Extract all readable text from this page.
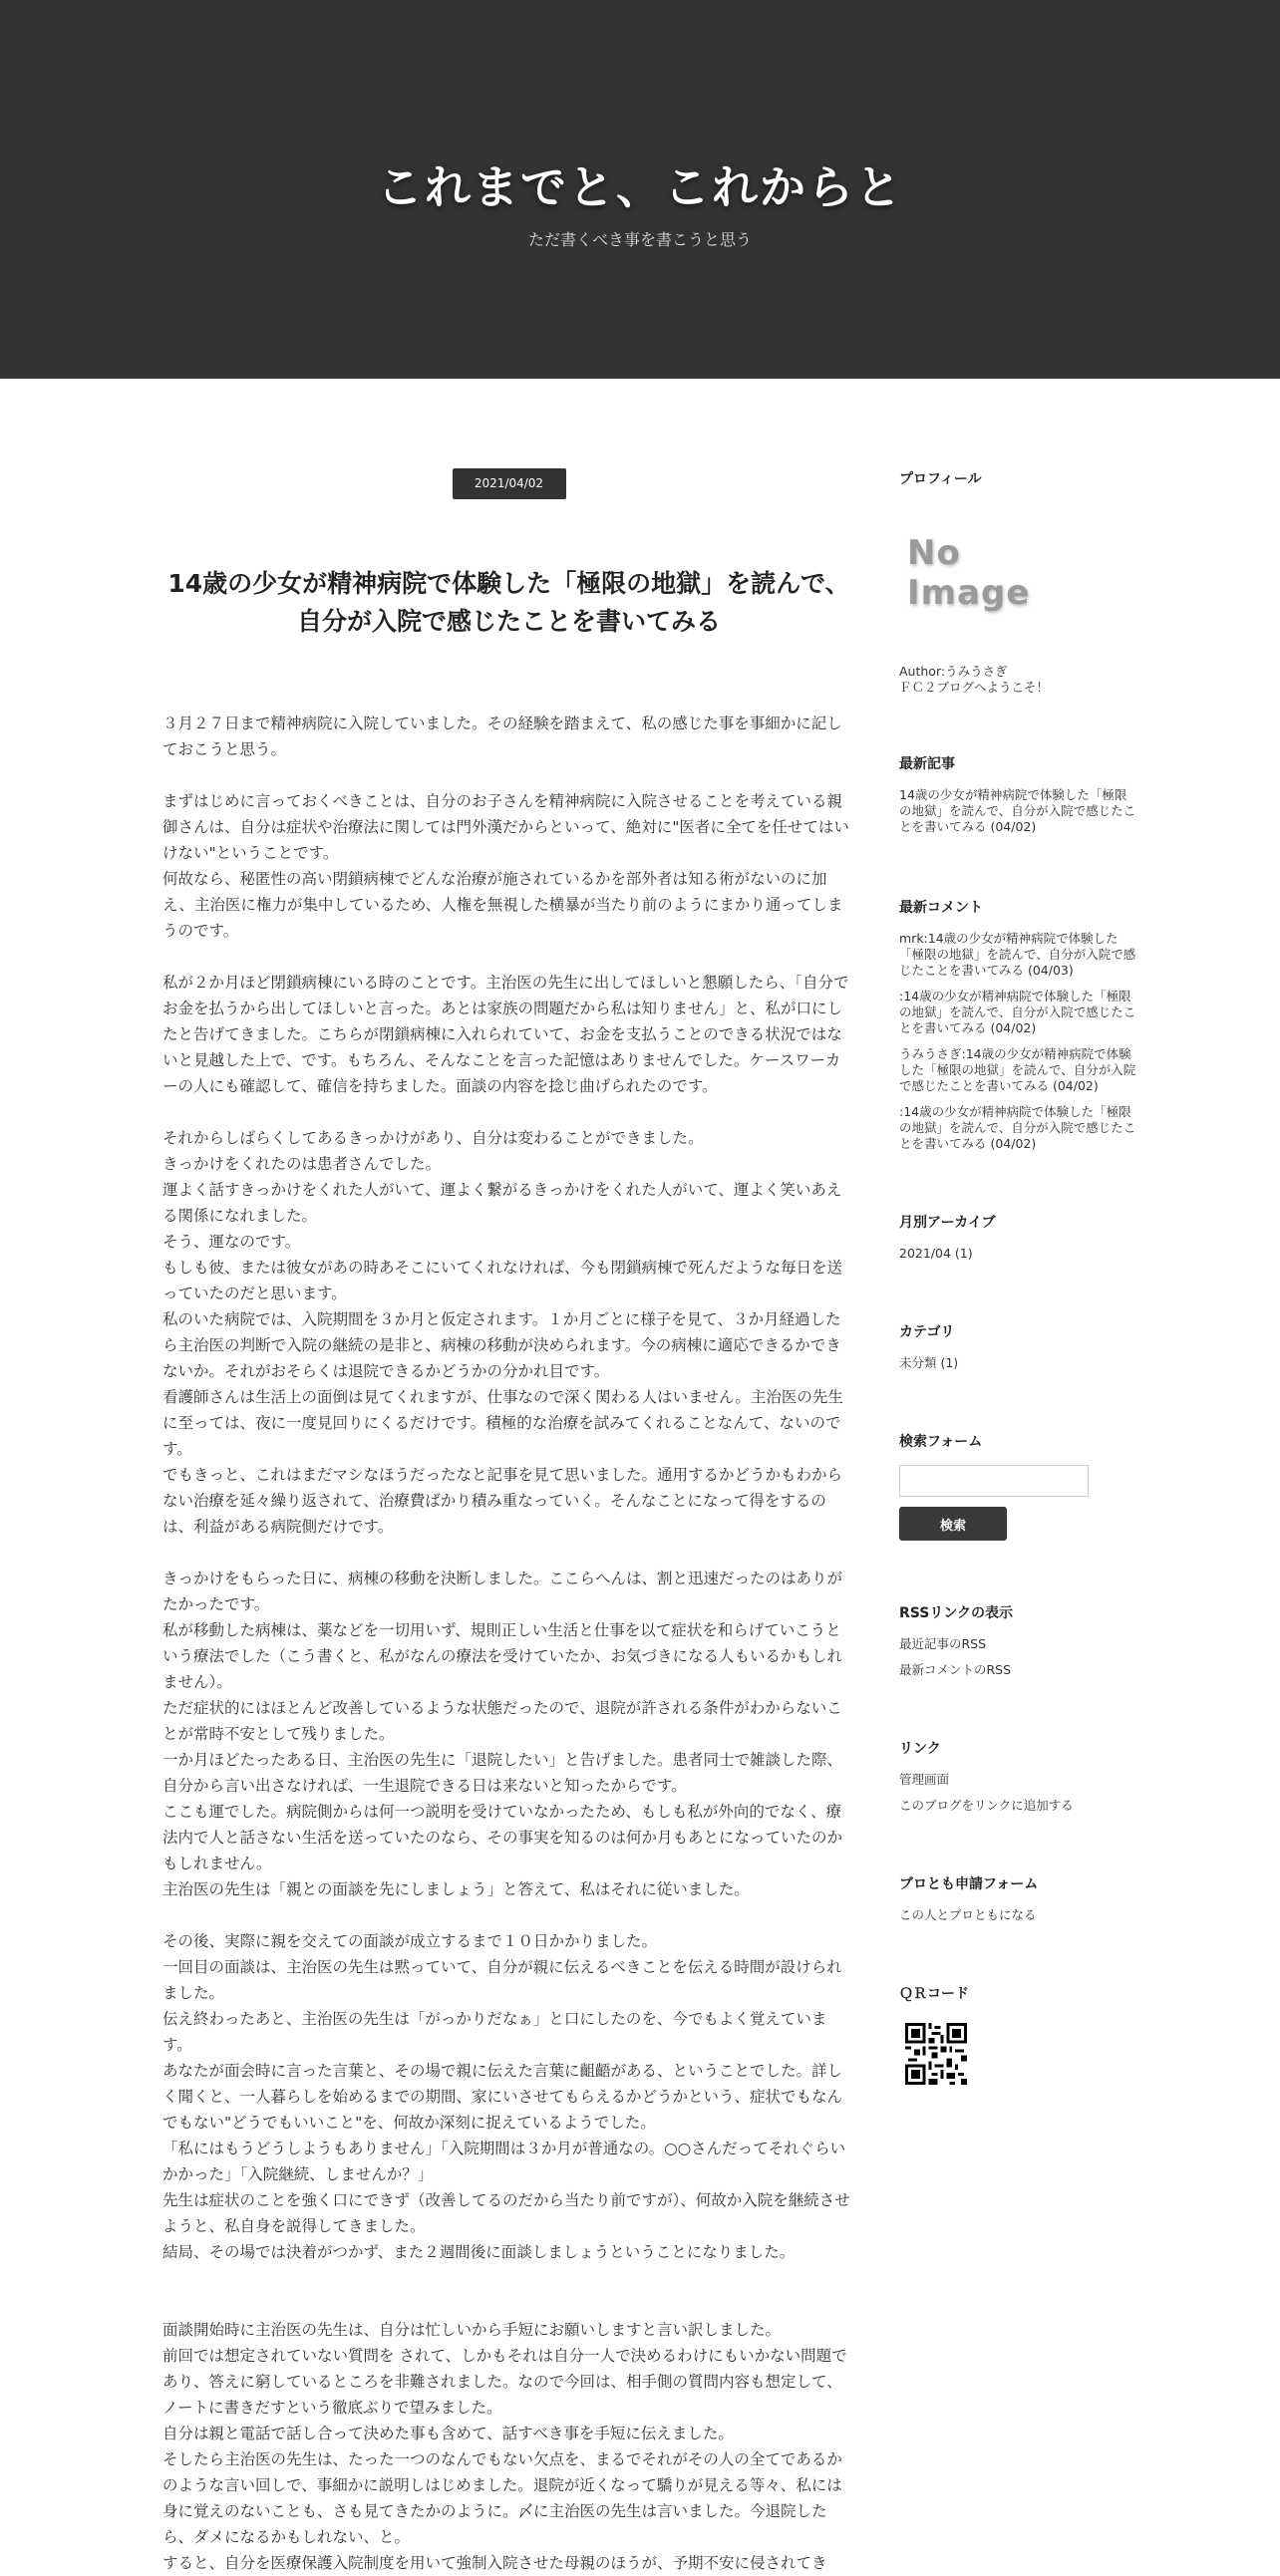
これまでと、これからと
ただ書くべき事を書こうと思う
2021/04/02
14歳の少女が精神病院で体験した「極限の地獄」を読んで、
自分が入院で感じたことを書いてみる

３月２７日まで精神病院に入院していました。その経験を踏まえて、私の感じた事を事細かに記しておこうと思う。

まずはじめに言っておくべきことは、自分のお子さんを精神病院に入院させることを考えている親御さんは、自分は症状や治療法に関しては門外漢だからといって、絶対に"医者に全てを任せてはいけない"ということです。

何故なら、秘匿性の高い閉鎖病棟でどんな治療が施されているかを部外者は知る術がないのに加え、主治医に権力が集中しているため、人権を無視した横暴が当たり前のようにまかり通ってしまうのです。

私が２か月ほど閉鎖病棟にいる時のことです。主治医の先生に出してほしいと懇願したら、「自分でお金を払うから出してほしいと言った。あとは家族の問題だから私は知りません」と、私が口にしたと告げてきました。こちらが閉鎖病棟に入れられていて、お金を支払うことのできる状況ではないと見越した上で、です。もちろん、そんなことを言った記憶はありませんでした。ケースワーカーの人にも確認して、確信を持ちました。面談の内容を捻じ曲げられたのです。

それからしばらくしてあるきっかけがあり、自分は変わることができました。

きっかけをくれたのは患者さんでした。

運よく話すきっかけをくれた人がいて、運よく繋がるきっかけをくれた人がいて、運よく笑いあえる関係になれました。

そう、運なのです。

もしも彼、または彼女があの時あそこにいてくれなければ、今も閉鎖病棟で死んだような毎日を送っていたのだと思います。

私のいた病院では、入院期間を３か月と仮定されます。１か月ごとに様子を見て、３か月経過したら主治医の判断で入院の継続の是非と、病棟の移動が決められます。今の病棟に適応できるかできないか。それがおそらくは退院できるかどうかの分かれ目です。

看護師さんは生活上の面倒は見てくれますが、仕事なので深く関わる人はいません。主治医の先生に至っては、夜に一度見回りにくるだけです。積極的な治療を試みてくれることなんて、ないのです。

でもきっと、これはまだマシなほうだったなと記事を見て思いました。通用するかどうかもわからない治療を延々繰り返されて、治療費ばかり積み重なっていく。そんなことになって得をするのは、利益がある病院側だけです。

きっかけをもらった日に、病棟の移動を決断しました。ここらへんは、割と迅速だったのはありがたかったです。

私が移動した病棟は、薬などを一切用いず、規則正しい生活と仕事を以て症状を和らげていこうという療法でした（こう書くと、私がなんの療法を受けていたか、お気づきになる人もいるかもしれません）。

ただ症状的にはほとんど改善しているような状態だったので、退院が許される条件がわからないことが常時不安として残りました。

一か月ほどたったある日、主治医の先生に「退院したい」と告げました。患者同士で雑談した際、自分から言い出さなければ、一生退院できる日は来ないと知ったからです。

ここも運でした。病院側からは何一つ説明を受けていなかったため、もしも私が外向的でなく、療法内で人と話さない生活を送っていたのなら、その事実を知るのは何か月もあとになっていたのかもしれません。

主治医の先生は「親との面談を先にしましょう」と答えて、私はそれに従いました。

その後、実際に親を交えての面談が成立するまで１０日かかりました。

一回目の面談は、主治医の先生は黙っていて、自分が親に伝えるべきことを伝える時間が設けられました。

伝え終わったあと、主治医の先生は「がっかりだなぁ」と口にしたのを、今でもよく覚えています。

あなたが面会時に言った言葉と、その場で親に伝えた言葉に齟齬がある、ということでした。詳しく聞くと、一人暮らしを始めるまでの期間、家にいさせてもらえるかどうかという、症状でもなんでもない"どうでもいいこと"を、何故か深刻に捉えているようでした。

「私にはもうどうしようもありません」「入院期間は３か月が普通なの。○○さんだってそれぐらいかかった」「入院継続、しませんか？」

先生は症状のことを強く口にできず（改善してるのだから当たり前ですが）、何故か入院を継続させようと、私自身を説得してきました。

結局、その場では決着がつかず、また２週間後に面談しましょうということになりました。

面談開始時に主治医の先生は、自分は忙しいから手短にお願いしますと言い訳しました。

前回では想定されていない質問を されて、しかもそれは自分一人で決めるわけにもいかない問題であり、答えに窮しているところを非難されました。なので今回は、相手側の質問内容も想定して、ノートに書きだすという徹底ぶりで望みました。

自分は親と電話で話し合って決めた事も含めて、話すべき事を手短に伝えました。

そしたら主治医の先生は、たった一つのなんでもない欠点を、まるでそれがその人の全てであるかのような言い回しで、事細かに説明しはじめました。退院が近くなって驕りが見える等々、私には身に覚えのないことも、さも見てきたかのように。〆に主治医の先生は言いました。今退院したら、ダメになるかもしれない、と。

すると、自分を医療保護入院制度を用いて強制入院させた母親のほうが、予期不安に侵されてき

プロフィール
No Image
Author:うみうさぎ
ＦＣ２ブログへようこそ！
最新記事
14歳の少女が精神病院で体験した「極限の地獄」を読んで、自分が入院で感じたことを書いてみる (04/02)
最新コメント
mrk:14歳の少女が精神病院で体験した「極限の地獄」を読んで、自分が入院で感じたことを書いてみる (04/03)
:14歳の少女が精神病院で体験した「極限の地獄」を読んで、自分が入院で感じたことを書いてみる (04/02)
うみうさぎ:14歳の少女が精神病院で体験した「極限の地獄」を読んで、自分が入院で感じたことを書いてみる (04/02)
:14歳の少女が精神病院で体験した「極限の地獄」を読んで、自分が入院で感じたことを書いてみる (04/02)
月別アーカイブ
2021/04 (1)
カテゴリ
未分類 (1)
検索フォーム
検索
RSSリンクの表示
最近記事のRSS
最新コメントのRSS
リンク
管理画面
このブログをリンクに追加する
ブロとも申請フォーム
この人とブロともになる
ＱＲコード
